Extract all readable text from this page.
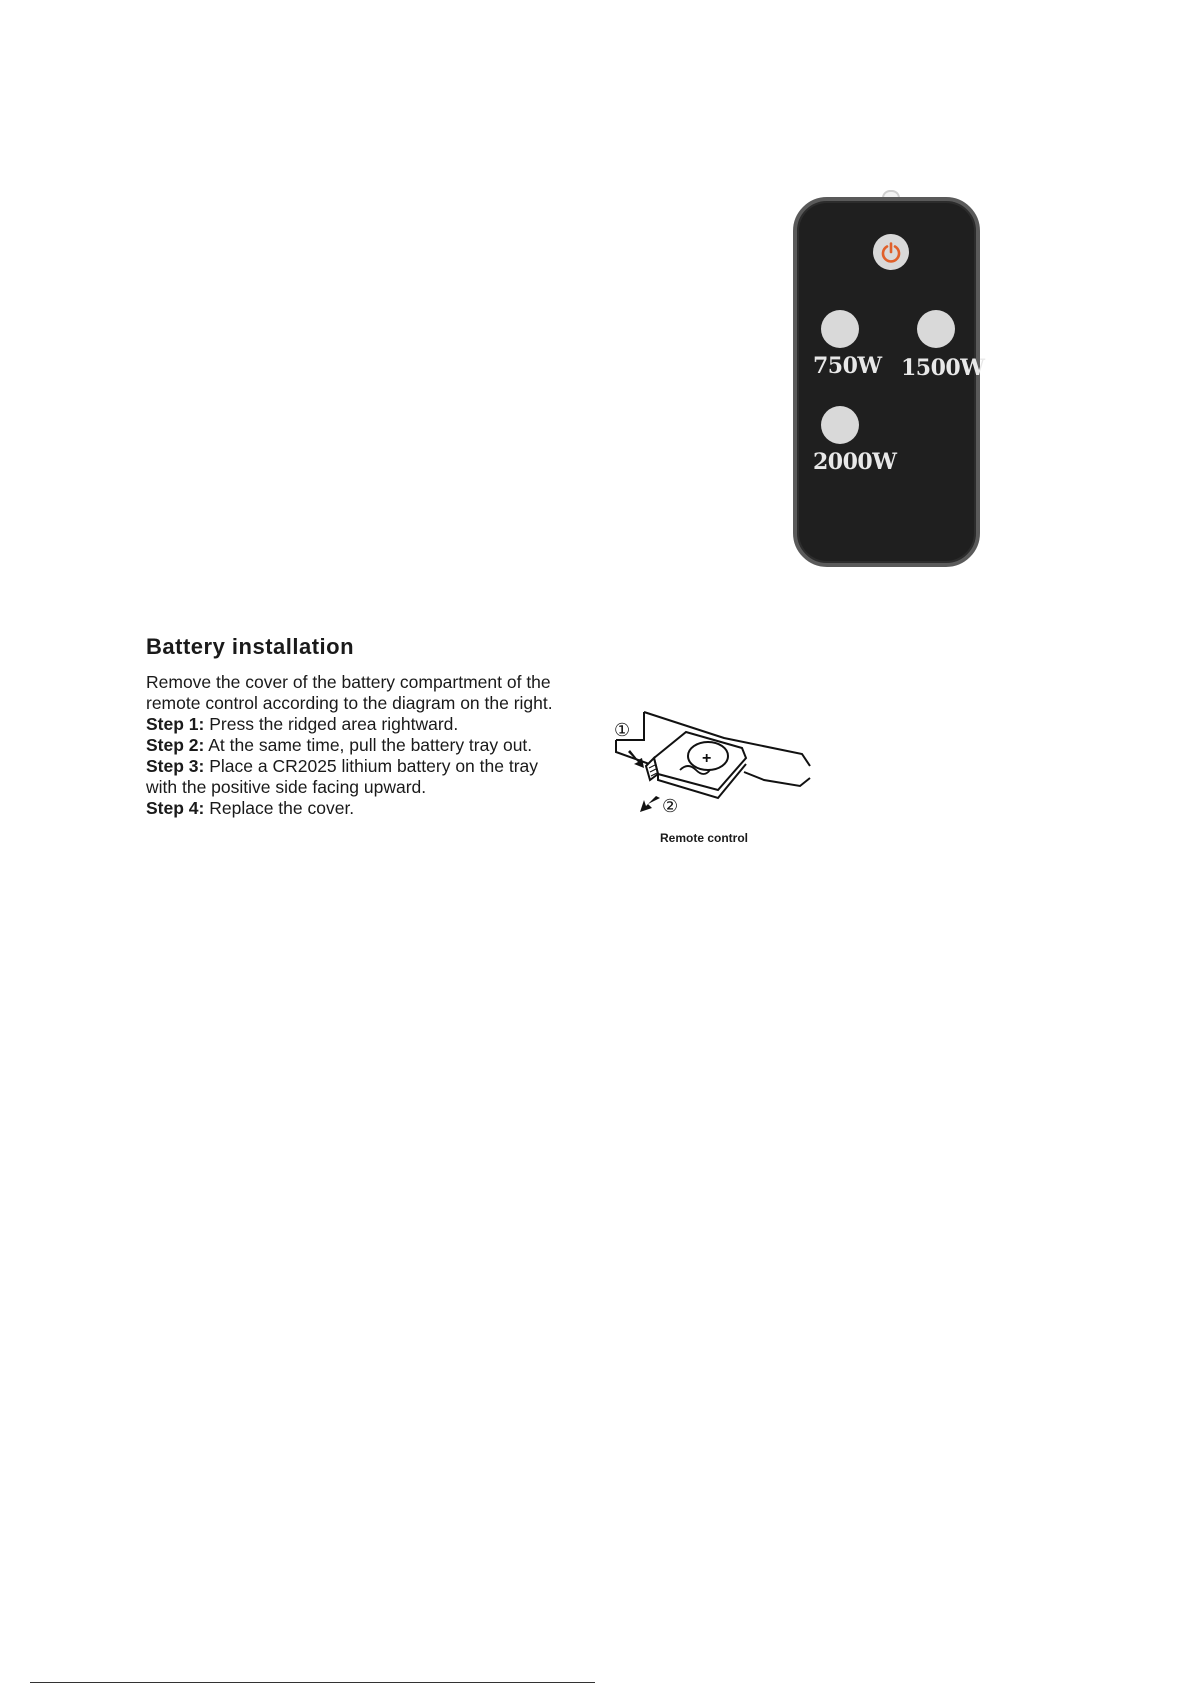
750W 1500W
2000W
Battery installation

Remove the cover of the battery compartment of the remote control according to the diagram on the right.

Step 1: Press the ridged area rightward.
Step 2: At the same time, pull the battery tray out.
Step 3: Place a CR2025 lithium battery on the tray
with the positive side facing upward.
Step 4: Replace the cover.
+
①
②
Remote control
